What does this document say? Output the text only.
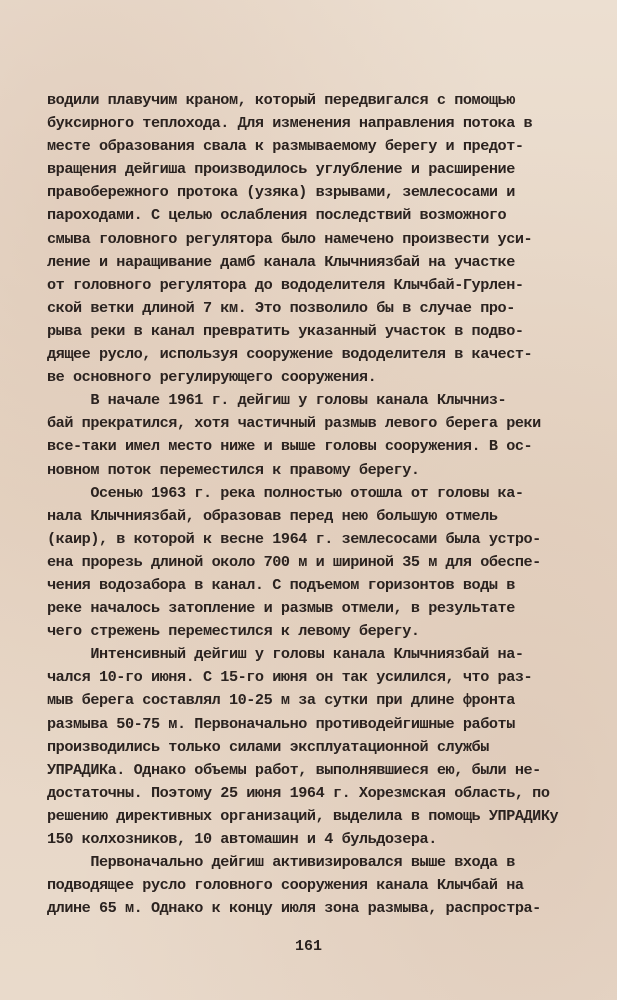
водили плавучим краном, который передвигался с помощью
буксирного теплохода. Для изменения направления потока в
месте образования свала к размываемому берегу и предот-
вращения дейгиша производилось углубление и расширение
правобережного протока (узяка) взрывами, землесосами и
пароходами. С целью ослабления последствий возможного
смыва головного регулятора было намечено произвести уси-
ление и наращивание дамб канала Клычниязбай на участке
от головного регулятора до вододелителя Клычбай-Гурлен-
ской ветки длиной 7 км. Это позволило бы в случае про-
рыва реки в канал превратить указанный участок в подво-
дящее русло, используя сооружение вододелителя в качест-
ве основного регулирующего сооружения.
В начале 1961 г. дейгиш у головы канала Клычниз-
бай прекратился, хотя частичный размыв левого берега реки
все-таки имел место ниже и выше головы сооружения. В ос-
новном поток переместился к правому берегу.
Осенью 1963 г. река полностью отошла от головы ка-
нала Клычниязбай, образовав перед нею большую отмель
(каир), в которой к весне 1964 г. землесосами была устро-
ена прорезь длиной около 700 м и шириной 35 м для обеспе-
чения водозабора в канал. С подъемом горизонтов воды в
реке началось затопление и размыв отмели, в результате
чего стрежень переместился к левому берегу.
Интенсивный дейгиш у головы канала Клычниязбай на-
чался 10-го июня. С 15-го июня он так усилился, что раз-
мыв берега составлял 10-25 м за сутки при длине фронта
размыва 50-75 м. Первоначально противодейгишные работы
производились только силами эксплуатационной службы
УПРАДИКа. Однако объемы работ, выполнявшиеся ею, были не-
достаточны. Поэтому 25 июня 1964 г. Хорезмская область, по
решению директивных организаций, выделила в помощь УПРАДИКу
150 колхозников, 10 автомашин и 4 бульдозера.
Первоначально дейгиш активизировался выше входа в
подводящее русло головного сооружения канала Клычбай на
длине 65 м. Однако к концу июля зона размыва, распростра-
161
